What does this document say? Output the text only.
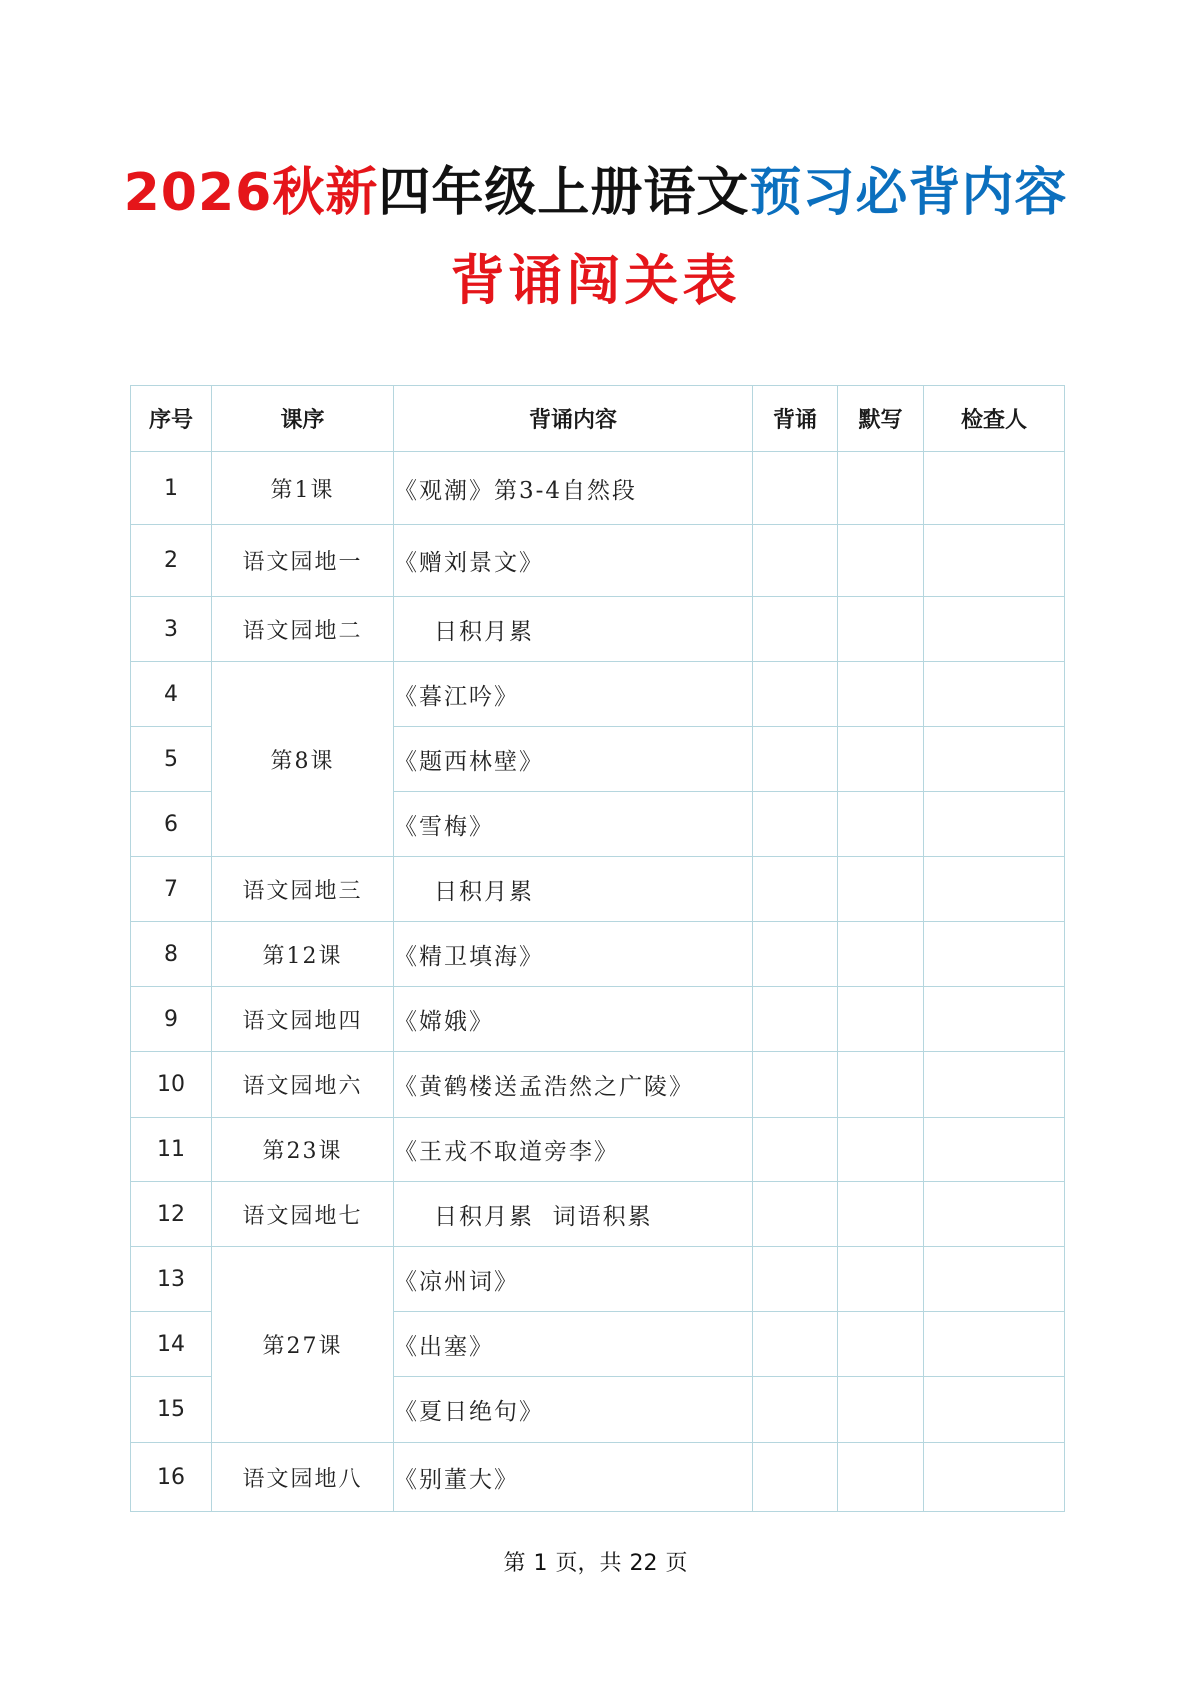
2026秋新四年级上册语文预习必背内容
背诵闯关表
序号	课序	背诵内容	背诵	默写	检查人
1	第1课	《观潮》第3-4自然段			
2	语文园地一	《赠刘景文》			
3	语文园地二	日积月累			
4	第8课	《暮江吟》			
5		《题西林壁》			
6		《雪梅》			
7	语文园地三	日积月累			
8	第12课	《精卫填海》			
9	语文园地四	《嫦娥》			
10	语文园地六	《黄鹤楼送孟浩然之广陵》			
11	第23课	《王戎不取道旁李》			
12	语文园地七	日积月累  词语积累			
13	第27课	《凉州词》			
14		《出塞》			
15		《夏日绝句》			
16	语文园地八	《别董大》			
第 1 页，共 22 页
